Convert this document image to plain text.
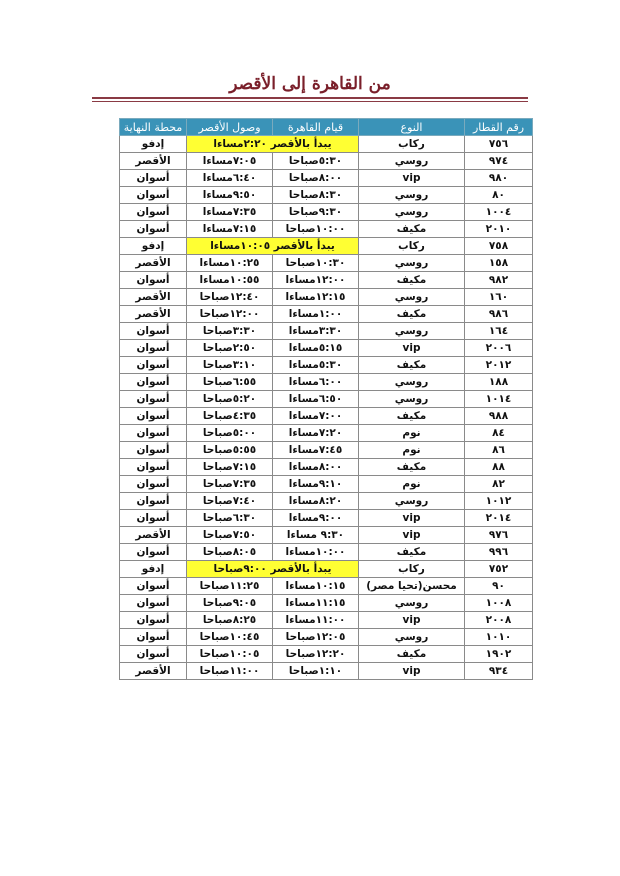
من القاهرة إلى الأقصر
رقم القطار	النوع	قيام القاهرة	وصول الأقصر	محطة النهاية
٧٥٦	ركاب	يبدأ بالأقصر ٢:٢٠مساءا		إدفو
٩٧٤	روسي	٥:٣٠صباحا	٧:٠٥مساءا	الأقصر
٩٨٠	vip	٨:٠٠صباحا	٦:٤٠مساءا	أسوان
٨٠	روسي	٨:٣٠صباحا	٩:٥٠مساءا	أسوان
١٠٠٤	روسي	٩:٣٠صباحا	٧:٣٥مساءا	أسوان
٢٠١٠	مكيف	١٠:٠٠صباحا	٧:١٥مساءا	أسوان
٧٥٨	ركاب	يبدأ بالأقصر ١٠:٠٥مساءا		إدفو
١٥٨	روسي	١٠:٣٠صباحا	١٠:٢٥مساءا	الأقصر
٩٨٢	مكيف	١٢:٠٠مساءا	١٠:٥٥مساءا	أسوان
١٦٠	روسي	١٢:١٥مساءا	١٢:٤٠صباحا	الأقصر
٩٨٦	مكيف	١:٠٠مساءا	١٢:٠٠صباحا	الأقصر
١٦٤	روسي	٣:٣٠مساءا	٣:٣٠صباحا	أسوان
٢٠٠٦	vip	٥:١٥مساءا	٢:٥٠صباحا	أسوان
٢٠١٢	مكيف	٥:٣٠مساءا	٣:١٠صباحا	أسوان
١٨٨	روسي	٦:٠٠مساءا	٦:٥٥صباحا	أسوان
١٠١٤	روسي	٦:٥٠مساءا	٥:٢٠صباحا	أسوان
٩٨٨	مكيف	٧:٠٠مساءا	٤:٣٥صباحا	أسوان
٨٤	نوم	٧:٢٠مساءا	٥:٠٠صباحا	أسوان
٨٦	نوم	٧:٤٥مساءا	٥:٥٥صباحا	أسوان
٨٨	مكيف	٨:٠٠مساءا	٧:١٥صباحا	أسوان
٨٢	نوم	٩:١٠مساءا	٧:٣٥صباحا	أسوان
١٠١٢	روسي	٨:٢٠مساءا	٧:٤٠صباحا	أسوان
٢٠١٤	vip	٩:٠٠مساءا	٦:٣٠صباحا	أسوان
٩٧٦	vip	٩:٣٠ مساءا	٧:٥٠صباحا	الأقصر
٩٩٦	مكيف	١٠:٠٠مساءا	٨:٠٥صباحا	أسوان
٧٥٢	ركاب	يبدأ بالأقصر ٩:٠٠صباحا		إدفو
٩٠	محسن(تحيا مصر)	١٠:١٥مساءا	١١:٢٥صباحا	أسوان
١٠٠٨	روسي	١١:١٥مساءا	٩:٠٥صباحا	أسوان
٢٠٠٨	vip	١١:٠٠مساءا	٨:٢٥صباحا	أسوان
١٠١٠	روسي	١٢:٠٥صباحا	١٠:٤٥صباحا	أسوان
١٩٠٢	مكيف	١٢:٢٠صباحا	١٠:٠٥صباحا	أسوان
٩٣٤	vip	١:١٠صباحا	١١:٠٠صباحا	الأقصر
